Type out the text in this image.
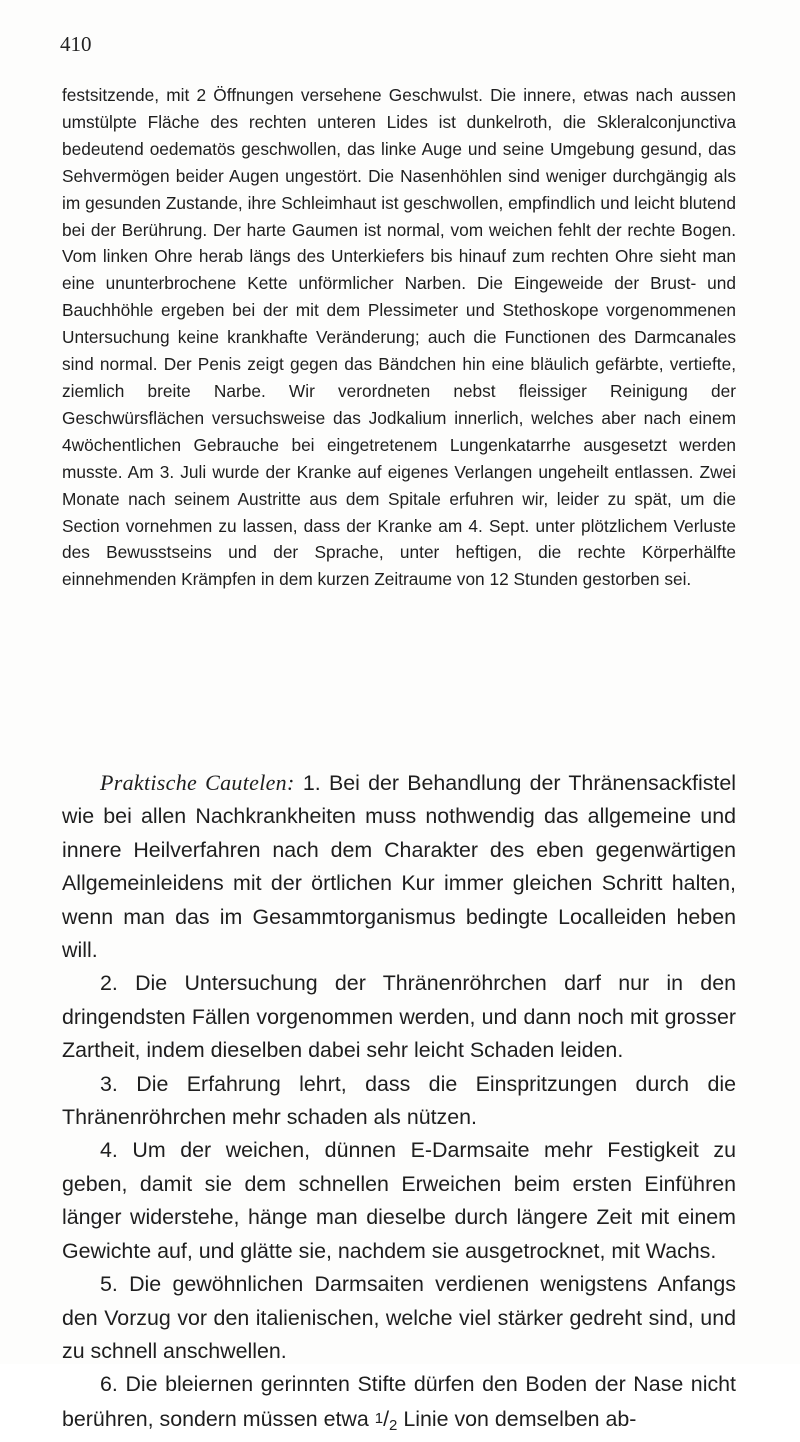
410

festsitzende, mit 2 Öffnungen versehene Geschwulst. Die innere, etwas nach aussen umstülpte Fläche des rechten unteren Lides ist dunkelroth, die Skleralconjunctiva bedeutend oedematös geschwollen, das linke Auge und seine Umgebung gesund, das Sehvermögen beider Augen ungestört. Die Nasenhöhlen sind weniger durchgängig als im gesunden Zustande, ihre Schleimhaut ist geschwollen, empfindlich und leicht blutend bei der Berührung. Der harte Gaumen ist normal, vom weichen fehlt der rechte Bogen. Vom linken Ohre herab längs des Unterkiefers bis hinauf zum rechten Ohre sieht man eine ununterbrochene Kette unförmlicher Narben. Die Eingeweide der Brust- und Bauchhöhle ergeben bei der mit dem Plessimeter und Stethoskope vorgenommenen Untersuchung keine krankhafte Veränderung; auch die Functionen des Darmcanales sind normal. Der Penis zeigt gegen das Bändchen hin eine bläulich gefärbte, vertiefte, ziemlich breite Narbe. Wir verordneten nebst fleissiger Reinigung der Geschwürsflächen versuchsweise das Jodkalium innerlich, welches aber nach einem 4wöchentlichen Gebrauche bei eingetretenem Lungenkatarrhe ausgesetzt werden musste. Am 3. Juli wurde der Kranke auf eigenes Verlangen ungeheilt entlassen. Zwei Monate nach seinem Austritte aus dem Spitale erfuhren wir, leider zu spät, um die Section vornehmen zu lassen, dass der Kranke am 4. Sept. unter plötzlichem Verluste des Bewusstseins und der Sprache, unter heftigen, die rechte Körperhälfte einnehmenden Krämpfen in dem kurzen Zeitraume von 12 Stunden gestorben sei.

Praktische Cautelen: 1. Bei der Behandlung der Thränensackfistel wie bei allen Nachkrankheiten muss nothwendig das allgemeine und innere Heilverfahren nach dem Charakter des eben gegenwärtigen Allgemeinleidens mit der örtlichen Kur immer gleichen Schritt halten, wenn man das im Gesammtorganismus bedingte Localleiden heben will.

2. Die Untersuchung der Thränenröhrchen darf nur in den dringendsten Fällen vorgenommen werden, und dann noch mit grosser Zartheit, indem dieselben dabei sehr leicht Schaden leiden.

3. Die Erfahrung lehrt, dass die Einspritzungen durch die Thränenröhrchen mehr schaden als nützen.

4. Um der weichen, dünnen E-Darmsaite mehr Festigkeit zu geben, damit sie dem schnellen Erweichen beim ersten Einführen länger widerstehe, hänge man dieselbe durch längere Zeit mit einem Gewichte auf, und glätte sie, nachdem sie ausgetrocknet, mit Wachs.

5. Die gewöhnlichen Darmsaiten verdienen wenigstens Anfangs den Vorzug vor den italienischen, welche viel stärker gedreht sind, und zu schnell anschwellen.

6. Die bleiernen gerinnten Stifte dürfen den Boden der Nase nicht berühren, sondern müssen etwa 1/2 Linie von demselben ab-
